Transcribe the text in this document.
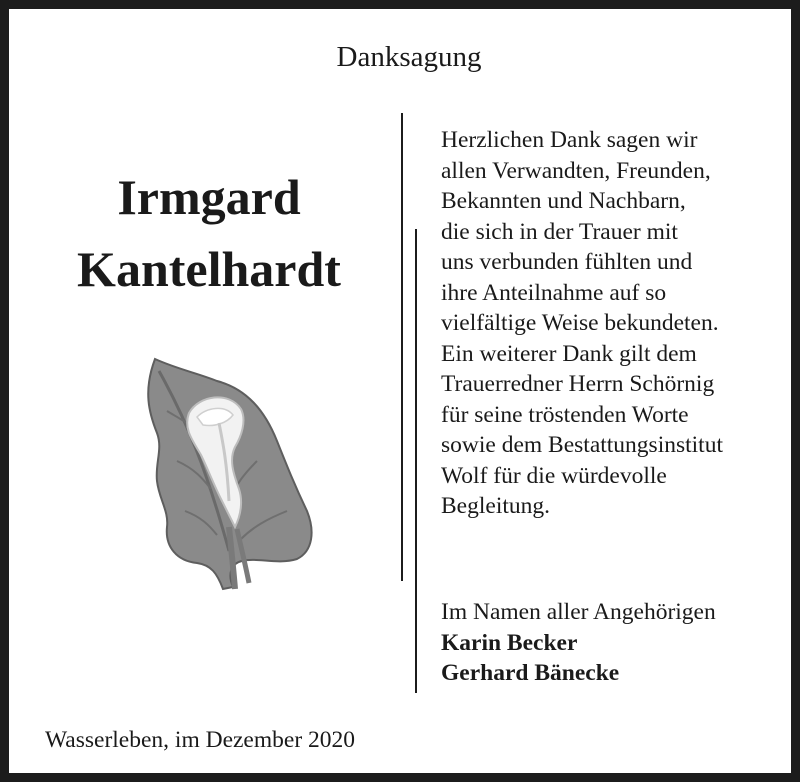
Danksagung
Irmgard
Kantelhardt
Herzlichen Dank sagen wir
allen Verwandten, Freunden,
Bekannten und Nachbarn,
die sich in der Trauer mit
uns verbunden fühlten und
ihre Anteilnahme auf so
vielfältige Weise bekundeten.
Ein weiterer Dank gilt dem
Trauerredner Herrn Schörnig
für seine tröstenden Worte
sowie dem Bestattungsinstitut
Wolf für die würdevolle
Begleitung.
Im Namen aller Angehörigen
Karin Becker
Gerhard Bänecke
Wasserleben, im Dezember 2020
